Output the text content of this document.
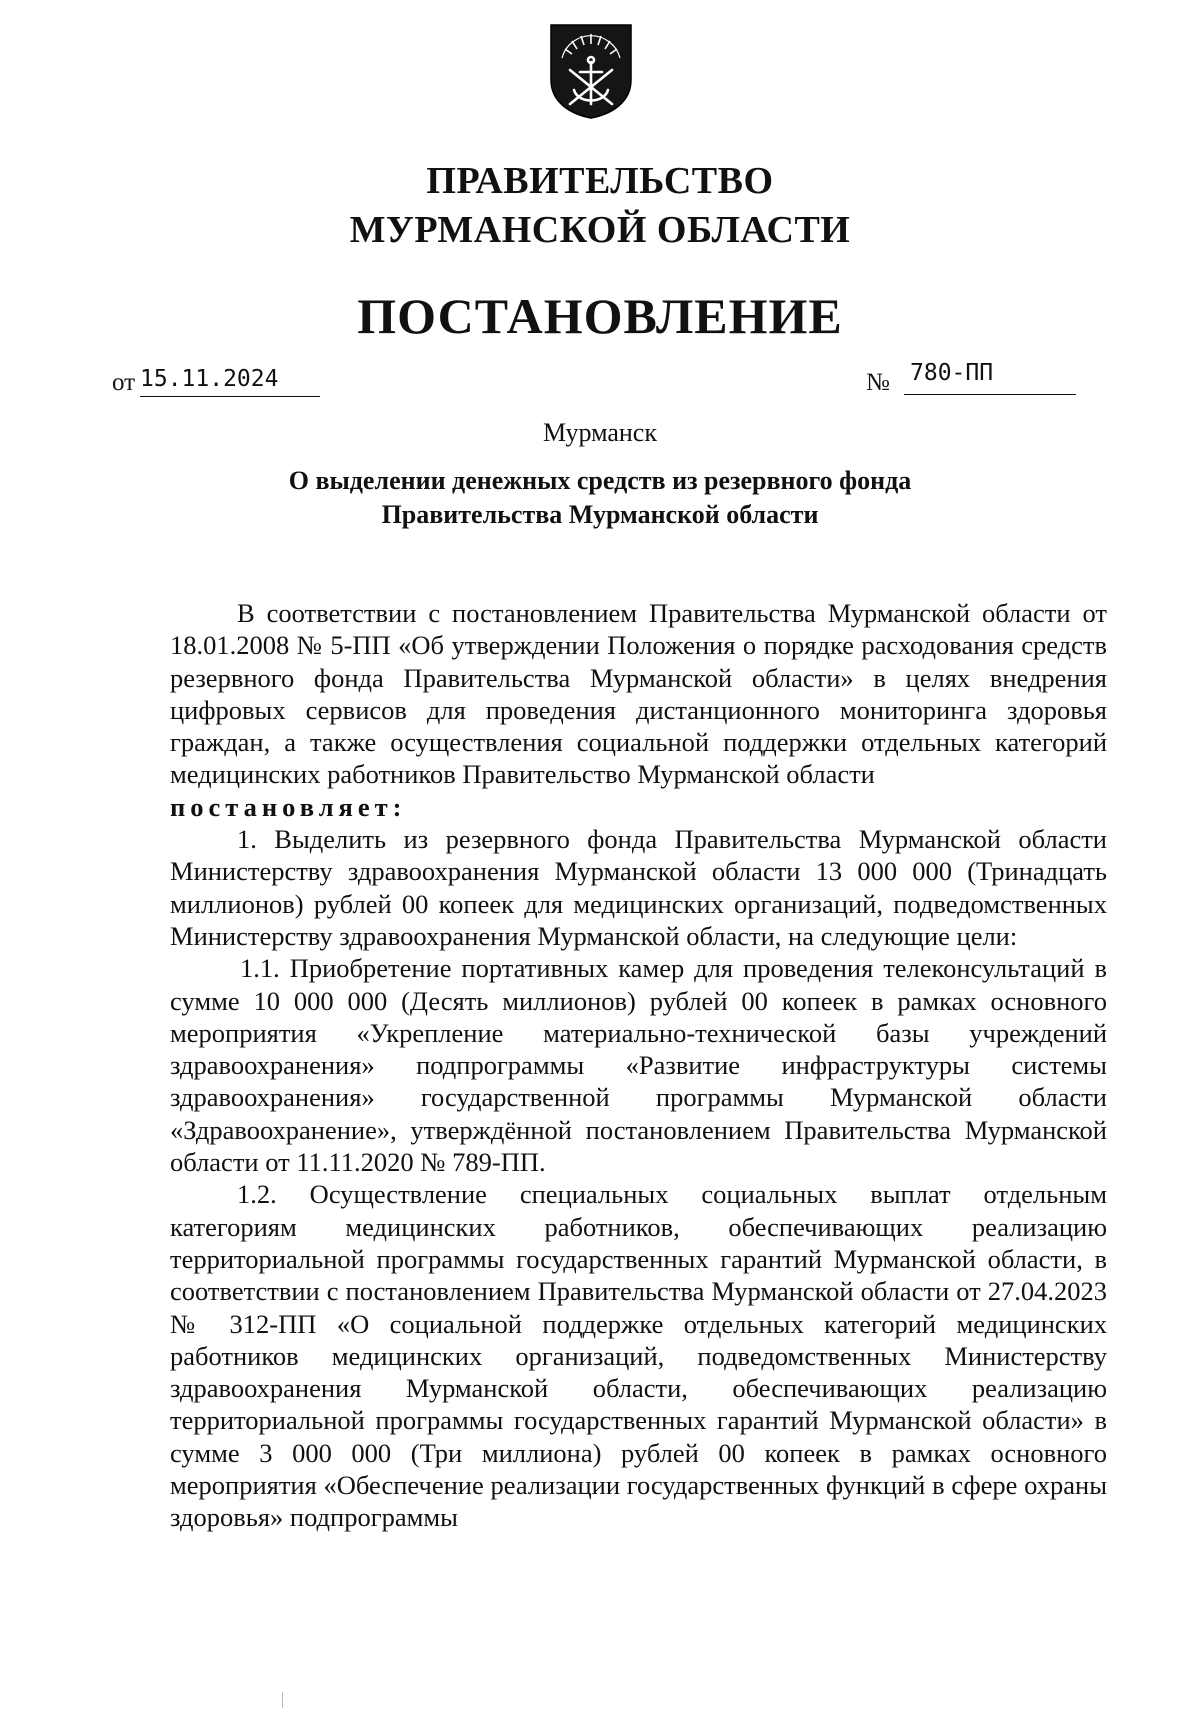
ПРАВИТЕЛЬСТВО
МУРМАНСКОЙ ОБЛАСТИ
ПОСТАНОВЛЕНИЕ
от 15.11.2024	№ 780-ПП
Мурманск
О выделении денежных средств из резервного фонда
Правительства Мурманской области

В соответствии с постановлением Правительства Мурманской области от 18.01.2008 № 5-ПП «Об утверждении Положения о порядке расходования средств резервного фонда Правительства Мурманской области» в целях внедрения цифровых сервисов для проведения дистанционного мониторинга здоровья граждан, а также осуществления социальной поддержки отдельных категорий медицинских работников Правительство Мурманской области
постановляет:

1. Выделить из резервного фонда Правительства Мурманской области Министерству здравоохранения Мурманской области 13 000 000 (Тринадцать миллионов) рублей 00 копеек для медицинских организаций, подведомственных Министерству здравоохранения Мурманской области, на следующие цели:

1.1. Приобретение портативных камер для проведения телеконсультаций в сумме 10 000 000 (Десять миллионов) рублей 00 копеек в рамках основного мероприятия «Укрепление материально-технической базы учреждений здравоохранения» подпрограммы «Развитие инфраструктуры системы здравоохранения» государственной программы Мурманской области «Здравоохранение», утверждённой постановлением Правительства Мурманской области от 11.11.2020 № 789-ПП.

1.2. Осуществление специальных социальных выплат отдельным категориям медицинских работников, обеспечивающих реализацию территориальной программы государственных гарантий Мурманской области, в соответствии с постановлением Правительства Мурманской области от 27.04.2023 № 312-ПП «О социальной поддержке отдельных категорий медицинских работников медицинских организаций, подведомственных Министерству здравоохранения Мурманской области, обеспечивающих реализацию территориальной программы государственных гарантий Мурманской области» в сумме 3 000 000 (Три миллиона) рублей 00 копеек в рамках основного мероприятия «Обеспечение реализации государственных функций в сфере охраны здоровья» подпрограммы
